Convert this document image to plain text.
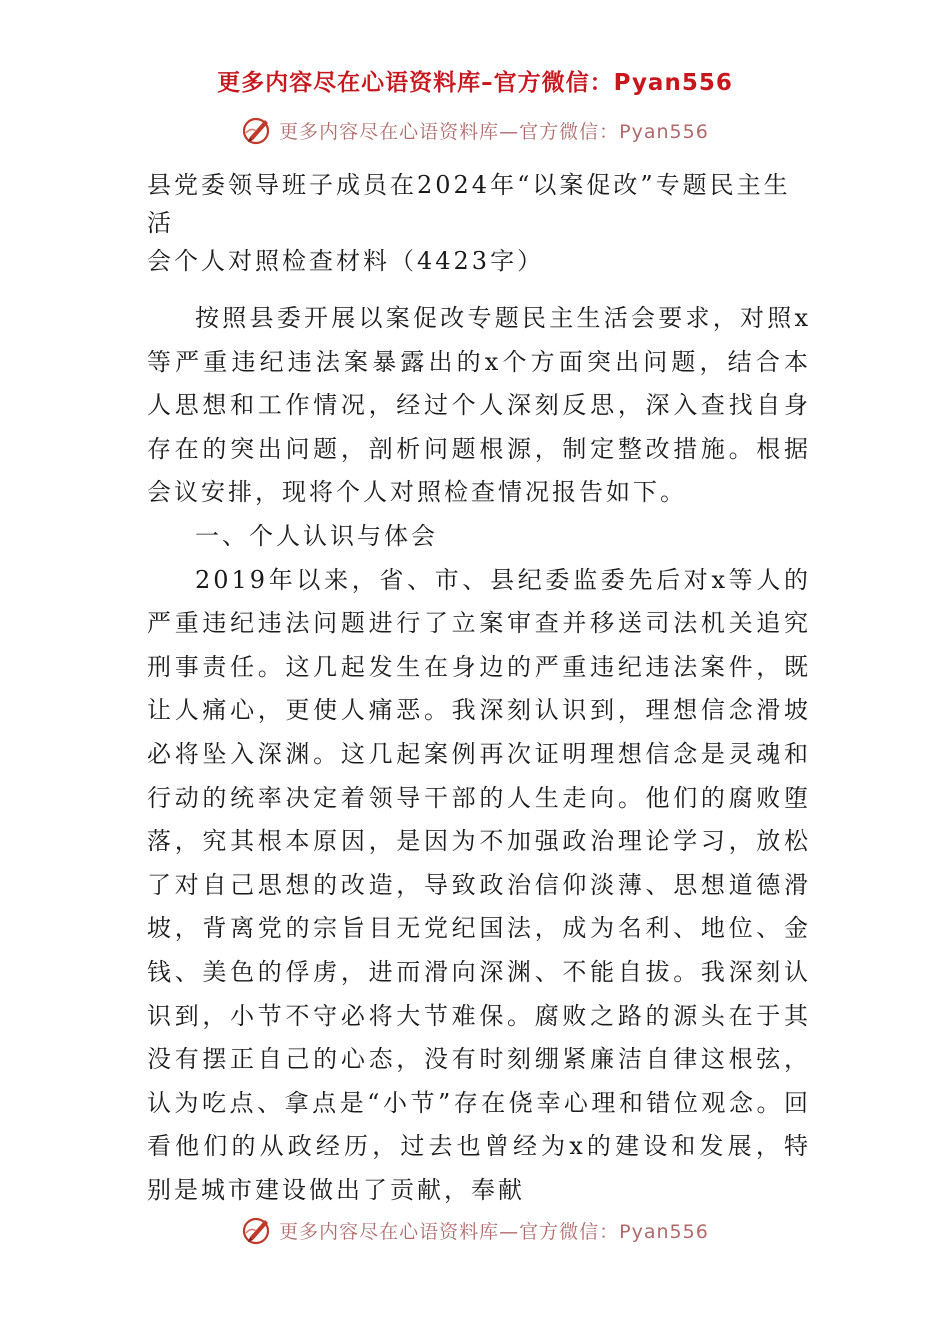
更多内容尽在心语资料库–官方微信：Pyan556
更多内容尽在心语资料库—官方微信：Pyan556
县党委领导班子成员在2024年“以案促改”专题民主生活
会个人对照检查材料（4423字）

按照县委开展以案促改专题民主生活会要求，对照x等严重违纪违法案暴露出的x个方面突出问题，结合本人思想和工作情况，经过个人深刻反思，深入查找自身存在的突出问题，剖析问题根源，制定整改措施。根据会议安排，现将个人对照检查情况报告如下。

一、个人认识与体会

2019年以来，省、市、县纪委监委先后对x等人的严重违纪违法问题进行了立案审查并移送司法机关追究刑事责任。这几起发生在身边的严重违纪违法案件，既让人痛心，更使人痛恶。我深刻认识到，理想信念滑坡必将坠入深渊。这几起案例再次证明理想信念是灵魂和行动的统率决定着领导干部的人生走向。他们的腐败堕落，究其根本原因，是因为不加强政治理论学习，放松了对自己思想的改造，导致政治信仰淡薄、思想道德滑坡，背离党的宗旨目无党纪国法，成为名利、地位、金钱、美色的俘虏，进而滑向深渊、不能自拔。我深刻认识到，小节不守必将大节难保。腐败之路的源头在于其没有摆正自己的心态，没有时刻绷紧廉洁自律这根弦，认为吃点、拿点是“小节”存在侥幸心理和错位观念。回看他们的从政经历，过去也曾经为x的建设和发展，特别是城市建设做出了贡献，奉献

更多内容尽在心语资料库—官方微信：Pyan556
